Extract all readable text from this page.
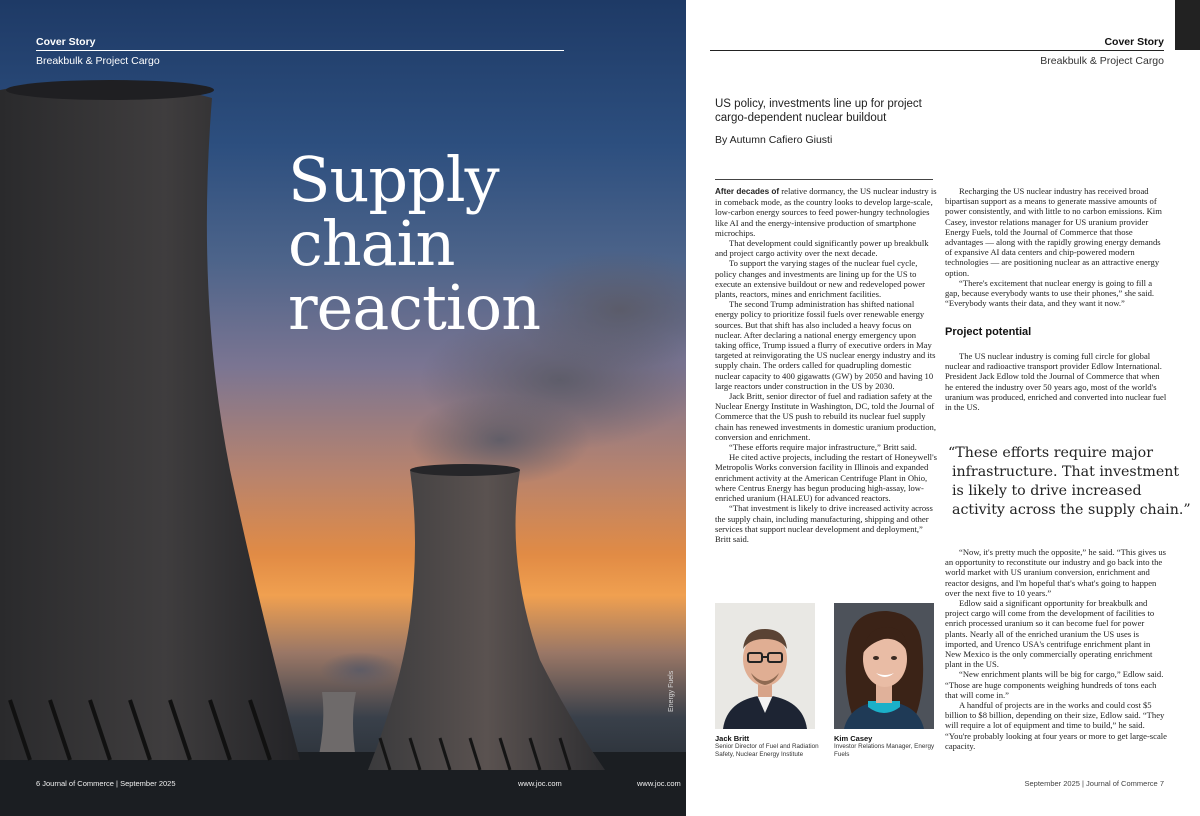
Cover Story
Breakbulk & Project Cargo
Supply
chain
reaction
Energy Fuels
6 Journal of Commerce | September 2025	www.joc.com	www.joc.com
Cover Story
Breakbulk & Project Cargo
US policy, investments line up for project cargo-dependent nuclear buildout
By Autumn Cafiero Giusti

After decades of relative dormancy, the US nuclear industry is in comeback mode, as the country looks to develop large-scale, low-carbon energy sources to feed power-hungry technologies like AI and the energy-intensive production of smartphone microchips.

That development could significantly power up breakbulk and project cargo activity over the next decade.

To support the varying stages of the nuclear fuel cycle, policy changes and investments are lining up for the US to execute an extensive buildout or new and redeveloped power plants, reactors, mines and enrichment facilities.

The second Trump administration has shifted national energy policy to prioritize fossil fuels over renewable energy sources. But that shift has also included a heavy focus on nuclear. After declaring a national energy emergency upon taking office, Trump issued a flurry of executive orders in May targeted at reinvigorating the US nuclear energy industry and its supply chain. The orders called for quadrupling domestic nuclear capacity to 400 gigawatts (GW) by 2050 and having 10 large reactors under construction in the US by 2030.

Jack Britt, senior director of fuel and radiation safety at the Nuclear Energy Institute in Washington, DC, told the Journal of Commerce that the US push to rebuild its nuclear fuel supply chain has renewed investments in domestic uranium production, conversion and enrichment.

“These efforts require major infrastructure,” Britt said.

He cited active projects, including the restart of Honeywell's Metropolis Works conversion facility in Illinois and expanded enrichment activity at the American Centrifuge Plant in Ohio, where Centrus Energy has begun producing high-assay, low-enriched uranium (HALEU) for advanced reactors.

“That investment is likely to drive increased activity across the supply chain, including manufacturing, shipping and other services that support nuclear development and deployment,” Britt said.

Recharging the US nuclear industry has received broad bipartisan support as a means to generate massive amounts of power consistently, and with little to no carbon emissions. Kim Casey, investor relations manager for US uranium provider Energy Fuels, told the Journal of Commerce that those advantages — along with the rapidly growing energy demands of expansive AI data centers and chip-powered modern technologies — are positioning nuclear as an attractive energy option.

“There's excitement that nuclear energy is going to fill a gap, because everybody wants to use their phones,” she said. “Everybody wants their data, and they want it now.”

Project potential

The US nuclear industry is coming full circle for global nuclear and radioactive transport provider Edlow International. President Jack Edlow told the Journal of Commerce that when he entered the industry over 50 years ago, most of the world's uranium was produced, enriched and converted into nuclear fuel in the US.

“These efforts require major
infrastructure. That investment
is likely to drive increased
activity across the supply chain.”

“Now, it's pretty much the opposite,” he said. “This gives us an opportunity to reconstitute our industry and go back into the world market with US uranium conversion, enrichment and reactor designs, and I'm hopeful that's what's going to happen over the next five to 10 years.”

Edlow said a significant opportunity for breakbulk and project cargo will come from the development of facilities to enrich processed uranium so it can become fuel for power plants. Nearly all of the enriched uranium the US uses is imported, and Urenco USA's centrifuge enrichment plant in New Mexico is the only commercially operating enrichment plant in the US.

“New enrichment plants will be big for cargo,” Edlow said. “Those are huge components weighing hundreds of tons each that will come in.”

A handful of projects are in the works and could cost $5 billion to $8 billion, depending on their size, Edlow said. “They will require a lot of equipment and time to build,” he said. “You're probably looking at four years or more to get large-scale capacity.

Jack Britt
Senior Director of Fuel and Radiation Safety, Nuclear Energy Institute
Kim Casey
Investor Relations Manager, Energy Fuels
September 2025 | Journal of Commerce 7
